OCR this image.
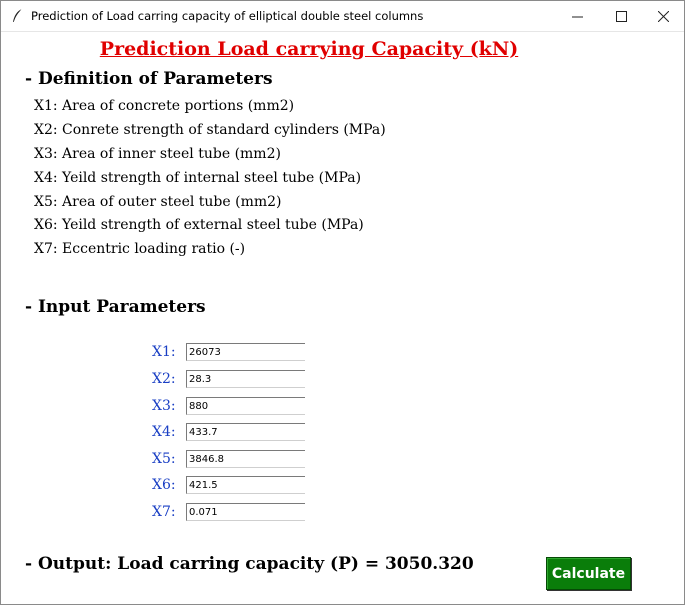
Prediction of Load carring capacity of elliptical double steel columns
Prediction Load carrying Capacity (kN)
- Definition of Parameters
X1: Area of concrete portions (mm2)
X2: Conrete strength of standard cylinders (MPa)
X3: Area of inner steel tube (mm2)
X4: Yeild strength of internal steel tube (MPa)
X5: Area of outer steel tube (mm2)
X6: Yeild strength of external steel tube (MPa)
X7: Eccentric loading ratio (-)
- Input Parameters
X1:
26073
X2:
28.3
X3:
880
X4:
433.7
X5:
3846.8
X6:
421.5
X7:
0.071
- Output: Load carring capacity (P) = 3050.320	Calculate
